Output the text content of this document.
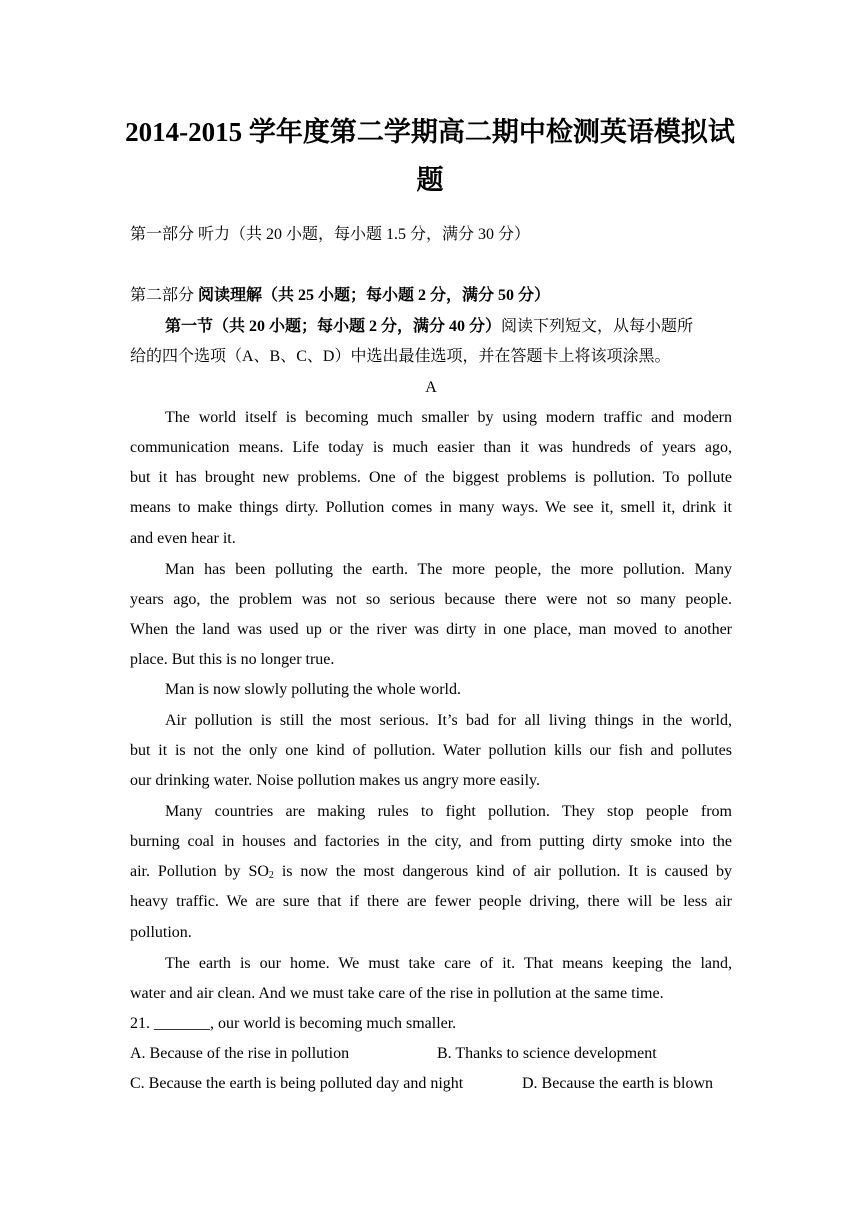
2014-2015 学年度第二学期高二期中检测英语模拟试
题
第一部分 听力（共 20 小题，每小题 1.5 分，满分 30 分）
第二部分 阅读理解（共 25 小题；每小题 2 分，满分 50 分）
第一节（共 20 小题；每小题 2 分，满分 40 分）阅读下列短文，从每小题所
给的四个选项（A、B、C、D）中选出最佳选项，并在答题卡上将该项涂黑。
A
The world itself is becoming much smaller by using modern traffic and modern
communication means. Life today is much easier than it was hundreds of years ago,
but it has brought new problems. One of the biggest problems is pollution. To pollute
means to make things dirty. Pollution comes in many ways. We see it, smell it, drink it
and even hear it.
Man has been polluting the earth. The more people, the more pollution. Many
years ago, the problem was not so serious because there were not so many people.
When the land was used up or the river was dirty in one place, man moved to another
place. But this is no longer true.
Man is now slowly polluting the whole world.
Air pollution is still the most serious. It’s bad for all living things in the world,
but it is not the only one kind of pollution. Water pollution kills our fish and pollutes
our drinking water. Noise pollution makes us angry more easily.
Many countries are making rules to fight pollution. They stop people from
burning coal in houses and factories in the city, and from putting dirty smoke into the
air. Pollution by $SO_2$ is now the most dangerous kind of air pollution. It is caused by
heavy traffic. We are sure that if there are fewer people driving, there will be less air
pollution.
The earth is our home. We must take care of it. That means keeping the land,
water and air clean. And we must take care of the rise in pollution at the same time.
21. _______, our world is becoming much smaller.
A. Because of the rise in pollution	B. Thanks to science development
C. Because the earth is being polluted day and night	D. Because the earth is blown
